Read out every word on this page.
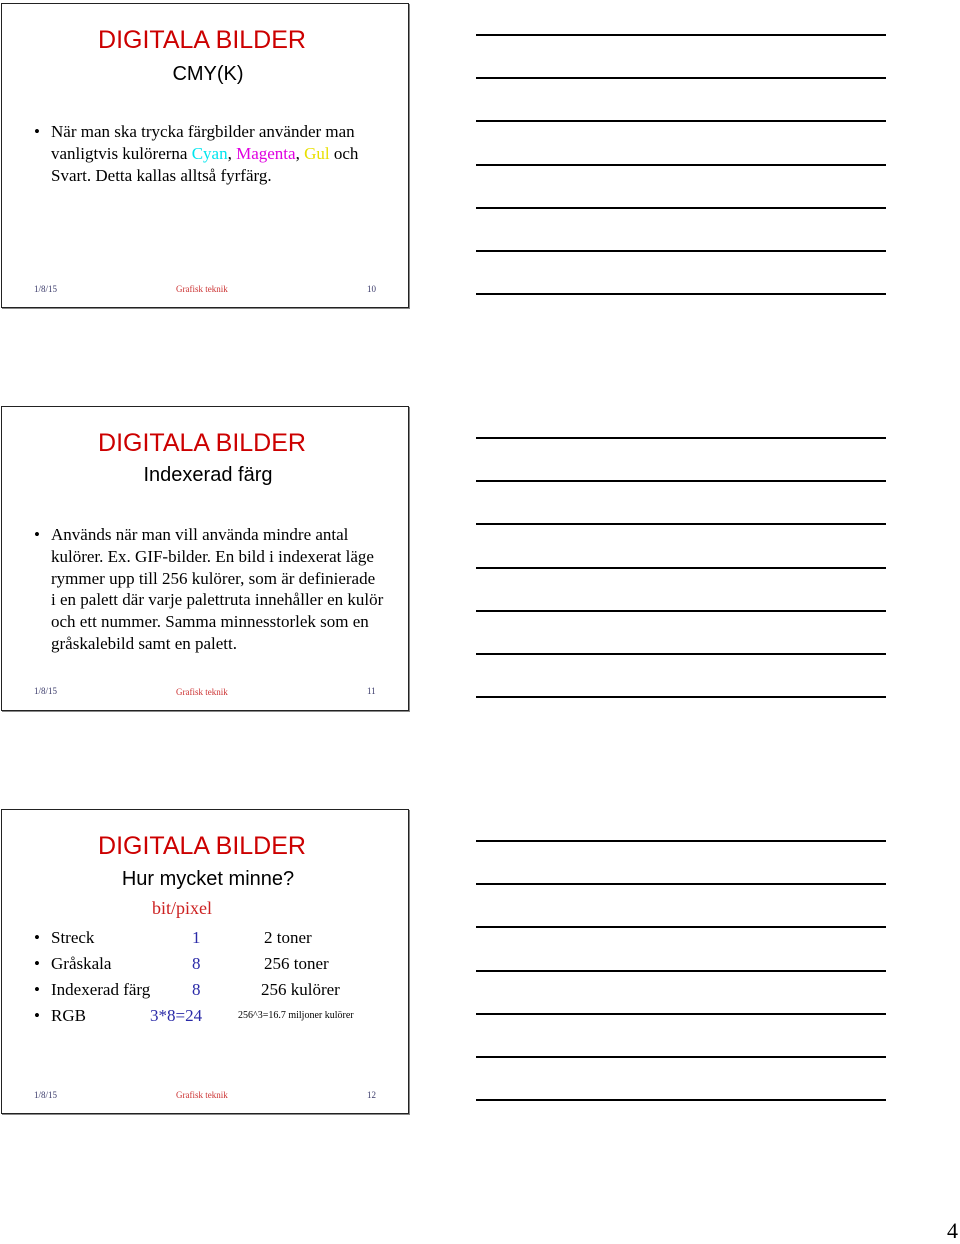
DIGITALA BILDER
CMY(K)
• När man ska trycka färgbilder använder man vanligtvis kulörerna Cyan, Magenta, Gul och Svart. Detta kallas alltså fyrfärg.
1/8/15	Grafisk teknik	10
DIGITALA BILDER
Indexerad färg
• Används när man vill använda mindre antal kulörer. Ex. GIF-bilder. En bild i indexerat läge rymmer upp till 256 kulörer, som är definierade i en palett där varje palettruta innehåller en kulör och ett nummer. Samma minnesstorlek som en gråskalebild samt en palett.
1/8/15	Grafisk teknik	11
DIGITALA BILDER
Hur mycket minne?
bit/pixel
• Streck	1	2 toner
• Gråskala	8	256 toner
• Indexerad färg 8	256 kulörer
• RGB	3*8=24	256^3=16.7 miljoner kulörer
1/8/15	Grafisk teknik	12
4
